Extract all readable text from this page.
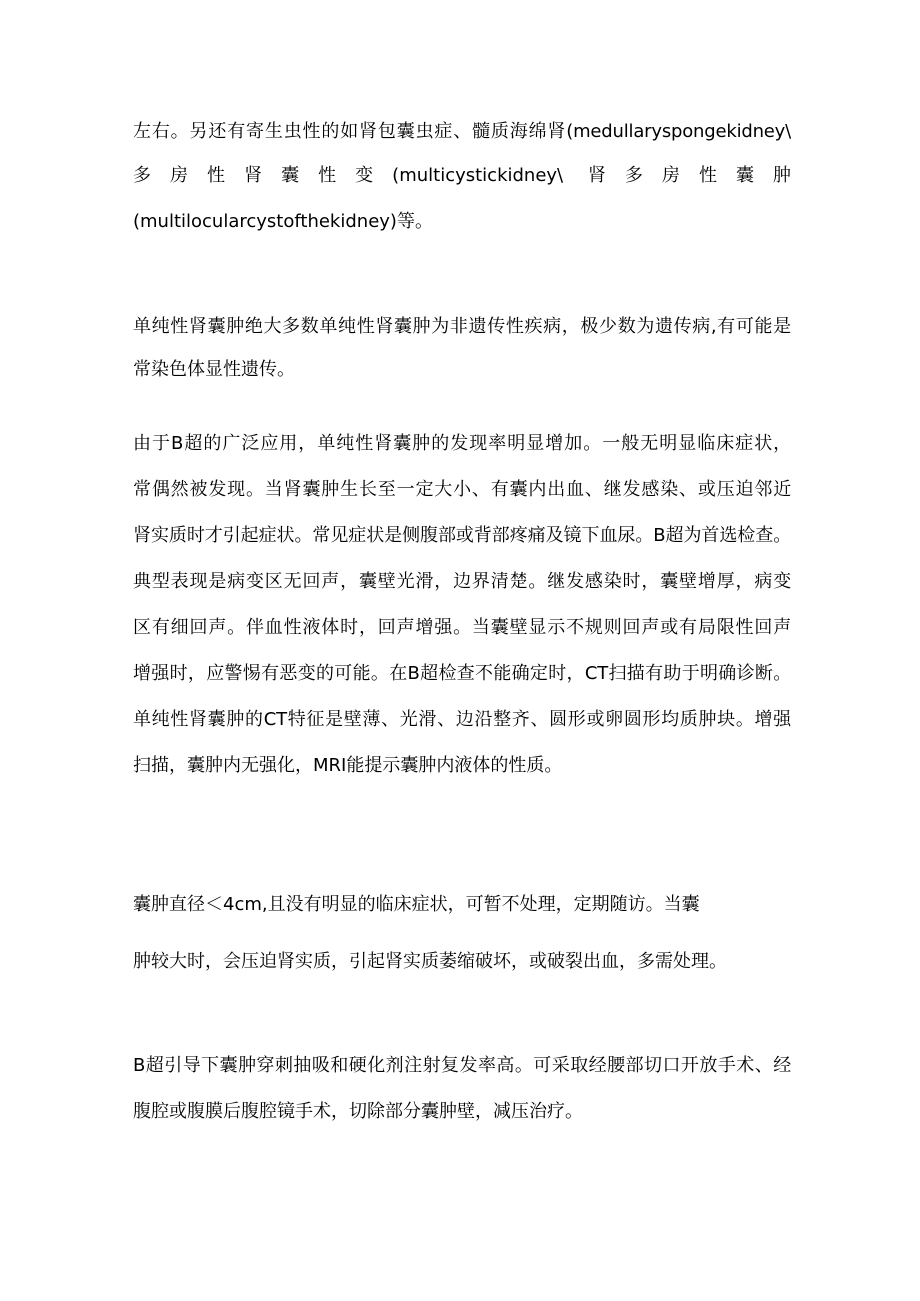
左右。另还有寄生虫性的如肾包囊虫症、髓质海绵肾(medullaryspongekidney\
多房性肾囊性变(multicystickidney\ 肾多房性囊肿
(multilocularcystofthekidney)等。

单纯性肾囊肿绝大多数单纯性肾囊肿为非遗传性疾病，极少数为遗传病,有可能是
常染色体显性遗传。

由于B超的广泛应用，单纯性肾囊肿的发现率明显增加。一般无明显临床症状，
常偶然被发现。当肾囊肿生长至一定大小、有囊内出血、继发感染、或压迫邻近
肾实质时才引起症状。常见症状是侧腹部或背部疼痛及镜下血尿。B超为首选检查。
典型表现是病变区无回声，囊壁光滑，边界清楚。继发感染时，囊壁增厚，病变
区有细回声。伴血性液体时，回声增强。当囊壁显示不规则回声或有局限性回声
增强时，应警惕有恶变的可能。在B超检查不能确定时，CT扫描有助于明确诊断。
单纯性肾囊肿的CT特征是壁薄、光滑、边沿整齐、圆形或卵圆形均质肿块。增强
扫描，囊肿内无强化，MRI能提示囊肿内液体的性质。

囊肿直径＜4cm,且没有明显的临床症状，可暂不处理，定期随访。当囊

肿较大时，会压迫肾实质，引起肾实质萎缩破坏，或破裂出血，多需处理。

B超引导下囊肿穿刺抽吸和硬化剂注射复发率高。可采取经腰部切口开放手术、经
腹腔或腹膜后腹腔镜手术，切除部分囊肿壁，减压治疗。
